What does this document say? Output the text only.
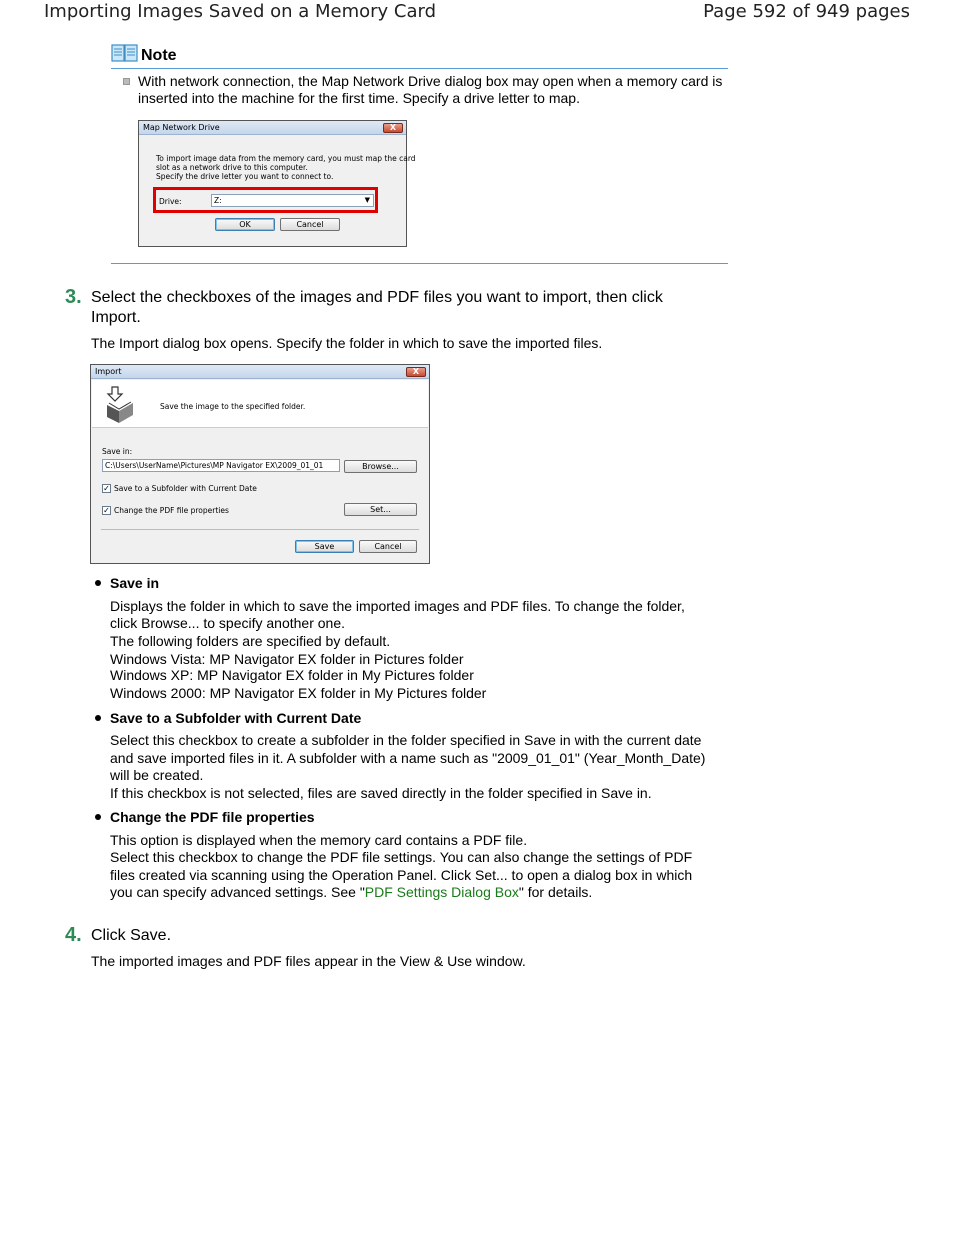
Importing Images Saved on a Memory Card	Page 592 of 949 pages
Note
With network connection, the Map Network Drive dialog box may open when a memory card is inserted into the machine for the first time. Specify a drive letter to map.
Map Network Drive	X
To import image data from the memory card, you must map the card
slot as a network drive to this computer.
Specify the drive letter you want to connect to.
Drive:	Z:	▼
OK	Cancel
3. Select the checkboxes of the images and PDF files you want to import, then click
Import.
The Import dialog box opens. Specify the folder in which to save the imported files.
Import	X
Save the image to the specified folder.
Save in:
C:\Users\UserName\Pictures\MP Navigator EX\2009_01_01	Browse...
✓ Save to a Subfolder with Current Date
✓ Change the PDF file properties	Set...
Save	Cancel
Save in
Displays the folder in which to save the imported images and PDF files. To change the folder,
click Browse... to specify another one.
The following folders are specified by default.
Windows Vista: MP Navigator EX folder in Pictures folder
Windows XP: MP Navigator EX folder in My Pictures folder
Windows 2000: MP Navigator EX folder in My Pictures folder
Save to a Subfolder with Current Date
Select this checkbox to create a subfolder in the folder specified in Save in with the current date
and save imported files in it. A subfolder with a name such as "2009_01_01" (Year_Month_Date)
will be created.
If this checkbox is not selected, files are saved directly in the folder specified in Save in.
Change the PDF file properties
This option is displayed when the memory card contains a PDF file.
Select this checkbox to change the PDF file settings. You can also change the settings of PDF
files created via scanning using the Operation Panel. Click Set... to open a dialog box in which
you can specify advanced settings. See "PDF Settings Dialog Box" for details.
4. Click Save.
The imported images and PDF files appear in the View & Use window.
